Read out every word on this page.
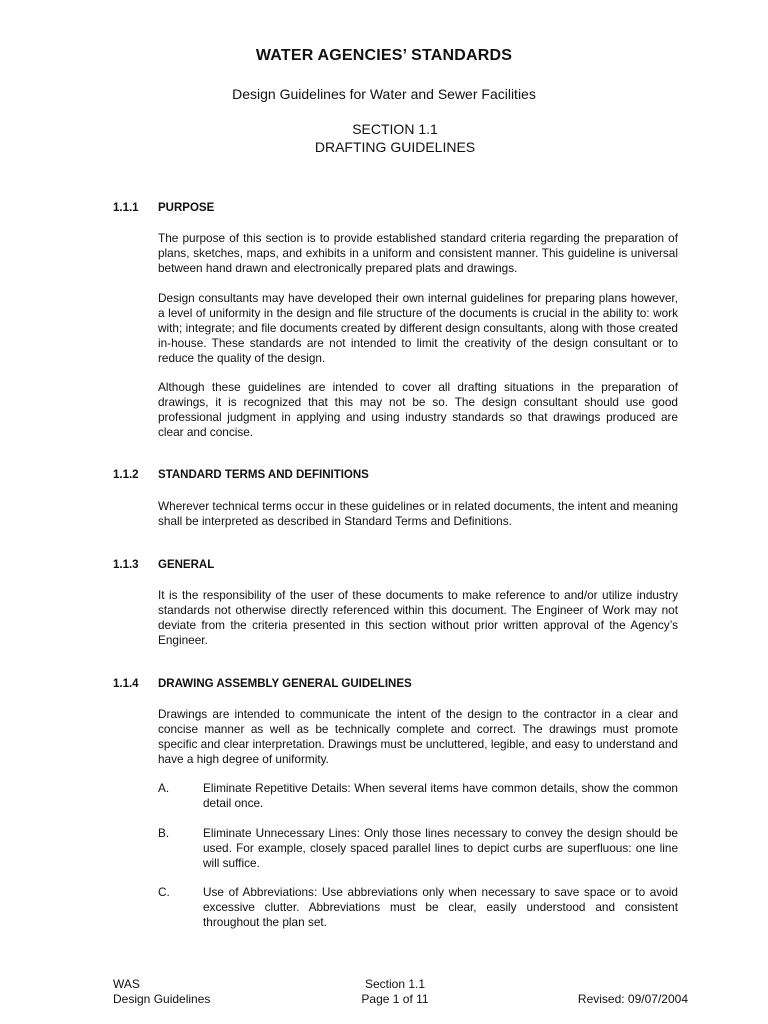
WATER AGENCIES’ STANDARDS
Design Guidelines for Water and Sewer Facilities
SECTION 1.1
DRAFTING GUIDELINES
1.1.1 PURPOSE
The purpose of this section is to provide established standard criteria regarding the preparation of plans, sketches, maps, and exhibits in a uniform and consistent manner. This guideline is universal between hand drawn and electronically prepared plats and drawings.
Design consultants may have developed their own internal guidelines for preparing plans however, a level of uniformity in the design and file structure of the documents is crucial in the ability to: work with; integrate; and file documents created by different design consultants, along with those created in-house. These standards are not intended to limit the creativity of the design consultant or to reduce the quality of the design.
Although these guidelines are intended to cover all drafting situations in the preparation of drawings, it is recognized that this may not be so. The design consultant should use good professional judgment in applying and using industry standards so that drawings produced are clear and concise.
1.1.2 STANDARD TERMS AND DEFINITIONS
Wherever technical terms occur in these guidelines or in related documents, the intent and meaning shall be interpreted as described in Standard Terms and Definitions.
1.1.3 GENERAL
It is the responsibility of the user of these documents to make reference to and/or utilize industry standards not otherwise directly referenced within this document. The Engineer of Work may not deviate from the criteria presented in this section without prior written approval of the Agency’s Engineer.
1.1.4 DRAWING ASSEMBLY GENERAL GUIDELINES
Drawings are intended to communicate the intent of the design to the contractor in a clear and concise manner as well as be technically complete and correct. The drawings must promote specific and clear interpretation. Drawings must be uncluttered, legible, and easy to understand and have a high degree of uniformity.
A.	Eliminate Repetitive Details: When several items have common details, show the common detail once.
B.	Eliminate Unnecessary Lines: Only those lines necessary to convey the design should be used. For example, closely spaced parallel lines to depict curbs are superfluous: one line will suffice.
C.	Use of Abbreviations: Use abbreviations only when necessary to save space or to avoid excessive clutter. Abbreviations must be clear, easily understood and consistent throughout the plan set.
WAS
Design Guidelines
Section 1.1
Page 1 of 11	Revised: 09/07/2004
